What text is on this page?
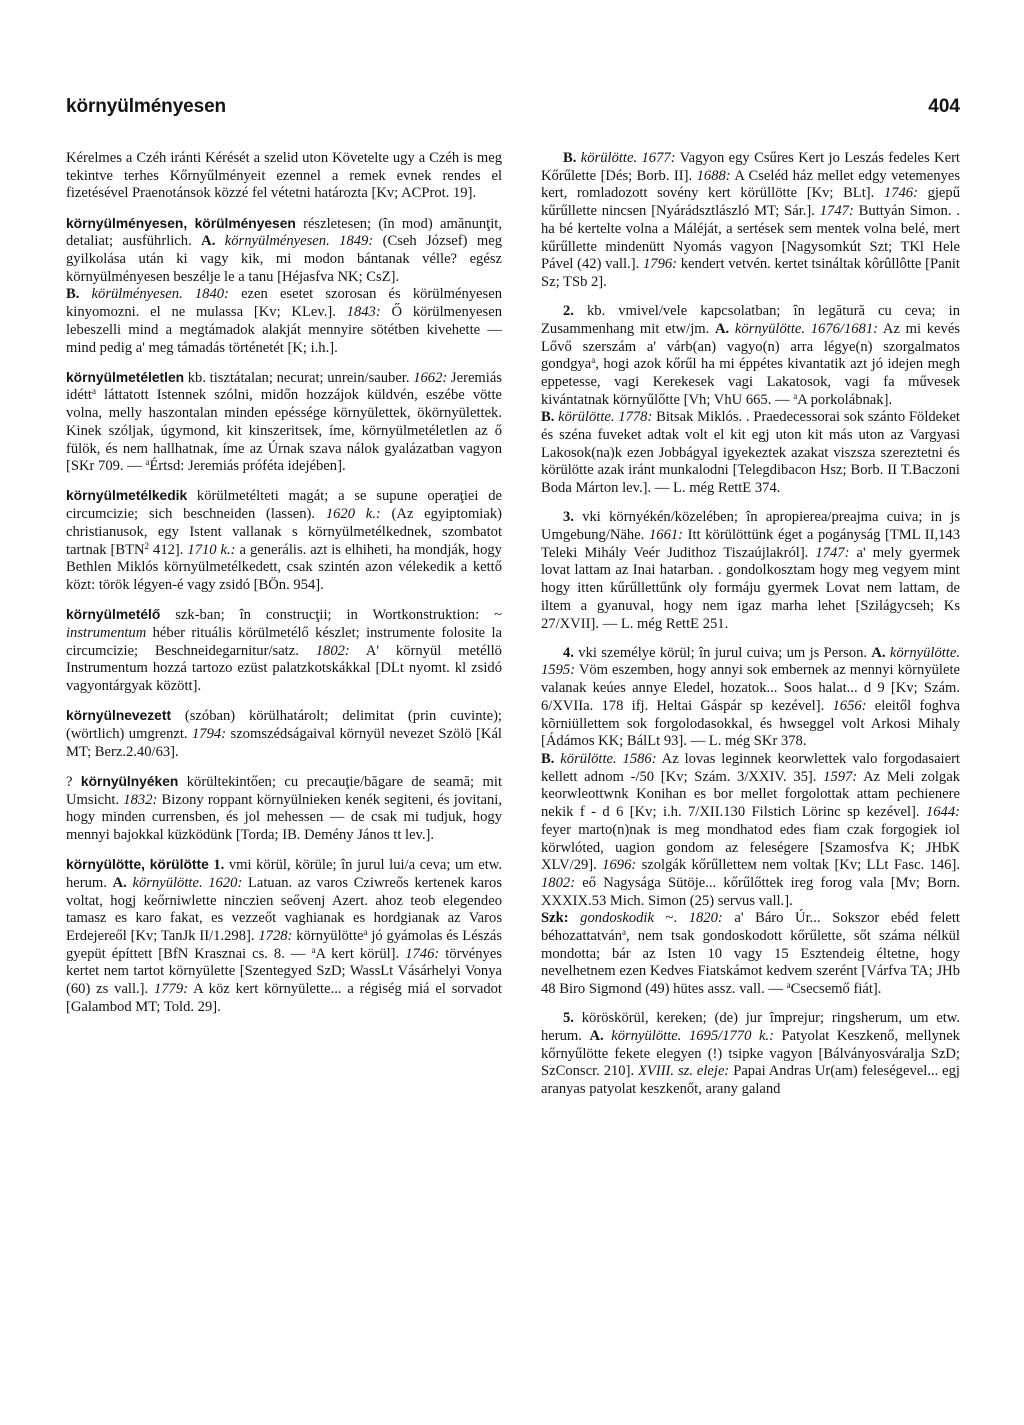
környülményesen	404

Kérelmes a Czéh iránti Kérését a szelid uton Követelte ugy a Czéh is meg tekintve terhes Kőrnyűlményeit ezennel a remek evnek rendes el fizetésével Praenotánsok közzé fel vétetni határozta [Kv; ACProt. 19].

környülményesen, körülményesen részletesen; (în mod) amănunţit, detaliat; ausführlich. A. környülményesen. 1849: (Cseh József) meg gyilkolása után ki vagy kik, mi modon bántanak vélle? egész környülményesen beszélje le a tanu [Héjasfva NK; CsZ].
B. körülményesen. 1840: ezen esetet szorosan és körülményesen kinyomozni. el ne mulassa [Kv; KLev.]. 1843: Ő körülmenyesen lebeszelli mind a megtámadok alakját mennyire sötétben kivehette — mind pedig a' meg támadás történetét [K; i.h.].

környülmetéletlen kb. tisztátalan; necurat; unrein/sauber. 1662: Jeremiás idétt$^a$ láttatott Istennek szólni, midőn hozzájok küldvén, eszébe vötte volna, melly haszontalan minden epéssége környülettek, ökörnyülettek. Kinek szóljak, úgymond, kit kinszeritsek, íme, környülmetéletlen az ő fülök, és nem hallhatnak, íme az Úrnak szava nálok gyalázatban vagyon [SKr 709. — $^a$Értsd: Jeremiás próféta idejében].

környülmetélkedik körülmetélteti magát; a se supune operaţiei de circumcizie; sich beschneiden (lassen). 1620 k.: (Az egyiptomiak) christianusok, egy Istent vallanak s környülmetélkednek, szombatot tartnak [BTN$^2$ 412]. 1710 k.: a generális. azt is elhiheti, ha mondják, hogy Bethlen Miklós környülmetélkedett, csak szintén azon vélekedik a kettő közt: török légyen-é vagy zsidó [BÖn. 954].

környülmetélő szk-ban; în construcţii; in Wortkonstruktion: ~ instrumentum héber rituális körülmetélő készlet; instrumente folosite la circumcizie; Beschneidegarnitur/satz. 1802: A' környül metéllö Instrumentum hozzá tartozo ezüst palatzkotskákkal [DLt nyomt. kl zsidó vagyontárgyak között].

környülnevezett (szóban) körülhatárolt; delimitat (prin cuvinte); (wörtlich) umgrenzt. 1794: szomszédságaival környül nevezet Szölö [Kál MT; Berz.2.40/63].

? környülnyéken körültekintően; cu precauţie/băgare de seamă; mit Umsicht. 1832: Bizony roppant környülnieken kenék segiteni, és jovitani, hogy minden currensben, és jol mehessen — de csak mi tudjuk, hogy mennyi bajokkal küzködünk [Torda; IB. Demény János tt lev.].

környülötte, körülötte 1. vmi körül, körüle; în jurul lui/a ceva; um etw. herum. A. környülötte. 1620: Latuan. az varos Cziwreős kertenek karos voltat, hogj keőrniwlette ninczien seővenj Azert. ahoz teob elegendeo tamasz es karo fakat, es vezzeőt vaghianak es hordgianak az Varos Erdejereől [Kv; TanJk II/1.298]. 1728: környülötte$^a$ jó gyámolas és Lészás gyepüt építtett [BfN Krasznai cs. 8. — $^a$A kert körül]. 1746: törvényes kertet nem tartot környülette [Szentegyed SzD; WassLt Vásárhelyi Vonya (60) zs vall.]. 1779: A köz kert környülette... a régiség miá el sorvadot [Galambod MT; Told. 29].

B. körülötte. 1677: Vagyon egy Csűres Kert jo Leszás fedeles Kert Kőrűlette [Dés; Borb. II]. 1688: A Cseléd ház mellet edgy vetemenyes kert, romladozott sovény kert körüllötte [Kv; BLt]. 1746: gjepű kűrűllette nincsen [Nyárádsztlászló MT; Sár.]. 1747: Buttyán Simon. . ha bé kertelte volna a Máléját, a sertések sem mentek volna belé, mert kűrűllette mindenütt Nyomás vagyon [Nagysomkút Szt; TKl Hele Pável (42) vall.]. 1796: kendert vetvén. kertet tsináltak kôrûllôtte [Panit Sz; TSb 2].

2. kb. vmivel/vele kapcsolatban; în legătură cu ceva; in Zusammenhang mit etw/jm. A. környülötte. 1676/1681: Az mi kevés Lővő szerszám a' várb(an) vagyo(n) arra légye(n) szorgalmatos gondgya$^a$, hogi azok kőrűl ha mi éppétes kivantatik azt jó idejen megh eppetesse, vagi Kerekesek vagi Lakatosok, vagi fa művesek kivántatnak környűlőtte [Vh; VhU 665. — $^a$A porkolábnak].
B. körülötte. 1778: Bitsak Miklós. . Praedecessorai sok szánto Földeket és széna fuveket adtak volt el kit egj uton kit más uton az Vargyasi Lakosok(na)k ezen Jobbágyal igyekeztek azakat viszsza szereztetni és körülötte azak iránt munkalodni [Telegdibacon Hsz; Borb. II T.Baczoni Boda Márton lev.]. — L. még RettE 374.

3. vki környékén/közelében; în apropierea/preajma cuiva; in js Umgebung/Nähe. 1661: Itt körülöttünk éget a pogányság [TML II,143 Teleki Mihály Veér Judithoz Tiszaújlakról]. 1747: a' mely gyermek lovat lattam az Inai hatarban. . gondolkosztam hogy meg vegyem mint hogy itten kűrűllettűnk oly formáju gyermek Lovat nem lattam, de iltem a gyanuval, hogy nem igaz marha lehet [Szilágycseh; Ks 27/XVII]. — L. még RettE 251.

4. vki személye körül; în jurul cuiva; um js Person. A. környülötte. 1595: Vöm eszemben, hogy annyi sok embernek az mennyi környülete valanak keúes annye Eledel, hozatok... Soos halat... d 9 [Kv; Szám. 6/XVIIa. 178 ifj. Heltai Gáspár sp kezével]. 1656: eleitől foghva kõrniüllettem sok forgolodasokkal, és hwseggel volt Arkosi Mihaly [Ádámos KK; BálLt 93]. — L. még SKr 378.
B. körülötte. 1586: Az lovas leginnek keorwlettek valo forgodasaiert kellett adnom -/50 [Kv; Szám. 3/XXIV. 35]. 1597: Az Meli zolgak keorwleottwnk Konihan es bor mellet forgolottak attam pechienere nekik f - d 6 [Kv; i.h. 7/XII.130 Filstich Lörinc sp kezével]. 1644: feyer marto(n)nak is meg mondhatod edes fiam czak forgogiek iol körwlóted, uagion gondom az feleségere [Szamosfva K; JHbK XLV/29]. 1696: szolgák kőrűlletteм nem voltak [Kv; LLt Fasc. 146]. 1802: eő Nagysága Sütöje... kőrűlőttek ireg forog vala [Mv; Born. XXXIX.53 Mich. Simon (25) servus vall.].
Szk: gondoskodik ~. 1820: a' Báro Úr... Sokszor ebéd felett béhozattatván$^a$, nem tsak gondoskodott kőrűlette, sőt száma nélkül mondotta; bár az Isten 10 vagy 15 Esztendeig éltetne, hogy nevelhetnem ezen Kedves Fiatskámot kedvem szerént [Várfva TA; JHb 48 Biro Sigmond (49) hütes assz. vall. — $^a$Csecsemő fiát].

5. köröskörül, kereken; (de) jur împrejur; ringsherum, um etw. herum. A. környülötte. 1695/1770 k.: Patyolat Keszkenő, mellynek kőrnyűlötte fekete elegyen (!) tsipke vagyon [Bálványosváralja SzD; SzConscr. 210]. XVIII. sz. eleje: Papai Andras Ur(am) feleségevel... egj aranyas patyolat keszkenőt, arany galand
